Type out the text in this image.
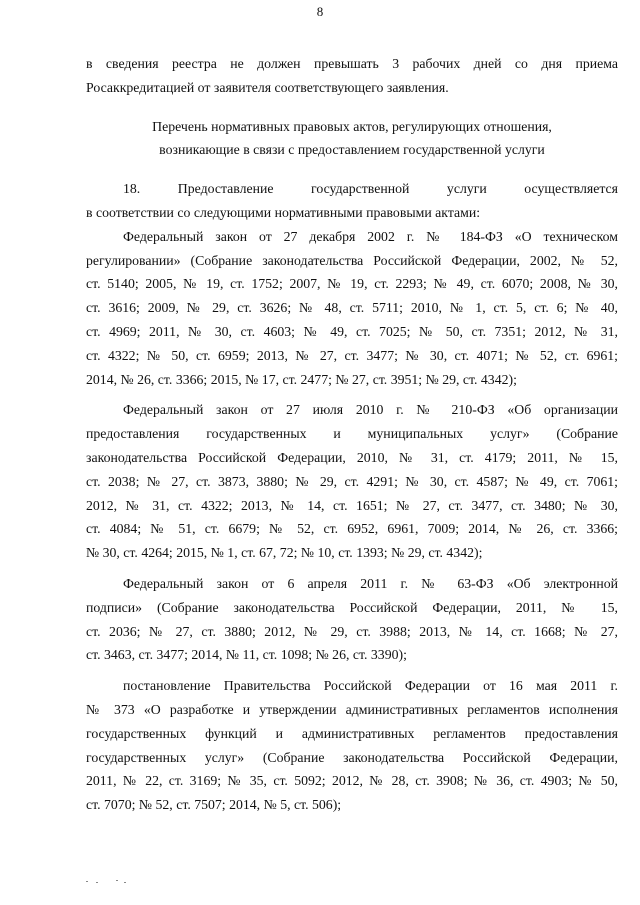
8
в сведения реестра не должен превышать 3 рабочих дней со дня приема
Росаккредитацией от заявителя соответствующего заявления.
Перечень нормативных правовых актов, регулирующих отношения,
возникающие в связи с предоставлением государственной услуги
18. Предоставление государственной услуги осуществляется
в соответствии со следующими нормативными правовыми актами:
Федеральный закон от 27 декабря 2002 г. № 184-ФЗ «О техническом
регулировании» (Собрание законодательства Российской Федерации, 2002, № 52,
ст. 5140; 2005, № 19, ст. 1752; 2007, № 19, ст. 2293; № 49, ст. 6070; 2008, № 30,
ст. 3616; 2009, № 29, ст. 3626; № 48, ст. 5711; 2010, № 1, ст. 5, ст. 6; № 40,
ст. 4969; 2011, № 30, ст. 4603; № 49, ст. 7025; № 50, ст. 7351; 2012, № 31,
ст. 4322; № 50, ст. 6959; 2013, № 27, ст. 3477; № 30, ст. 4071; № 52, ст. 6961;
2014, № 26, ст. 3366; 2015, № 17, ст. 2477; № 27, ст. 3951; № 29, ст. 4342);
Федеральный закон от 27 июля 2010 г. № 210-ФЗ «Об организации
предоставления государственных и муниципальных услуг» (Собрание
законодательства Российской Федерации, 2010, № 31, ст. 4179; 2011, № 15,
ст. 2038; № 27, ст. 3873, 3880; № 29, ст. 4291; № 30, ст. 4587; № 49, ст. 7061;
2012, № 31, ст. 4322; 2013, № 14, ст. 1651; № 27, ст. 3477, ст. 3480; № 30,
ст. 4084; № 51, ст. 6679; № 52, ст. 6952, 6961, 7009; 2014, № 26, ст. 3366;
№ 30, ст. 4264; 2015, № 1, ст. 67, 72; № 10, ст. 1393; № 29, ст. 4342);
Федеральный закон от 6 апреля 2011 г. № 63-ФЗ «Об электронной
подписи» (Собрание законодательства Российской Федерации, 2011, № 15,
ст. 2036; № 27, ст. 3880; 2012, № 29, ст. 3988; 2013, № 14, ст. 1668; № 27,
ст. 3463, ст. 3477; 2014, № 11, ст. 1098; № 26, ст. 3390);
постановление Правительства Российской Федерации от 16 мая 2011 г.
№ 373 «О разработке и утверждении административных регламентов исполнения
государственных функций и административных регламентов предоставления
государственных услуг» (Собрание законодательства Российской Федерации,
2011, № 22, ст. 3169; № 35, ст. 5092; 2012, № 28, ст. 3908; № 36, ст. 4903; № 50,
ст. 7070; № 52, ст. 7507; 2014, № 5, ст. 506);
